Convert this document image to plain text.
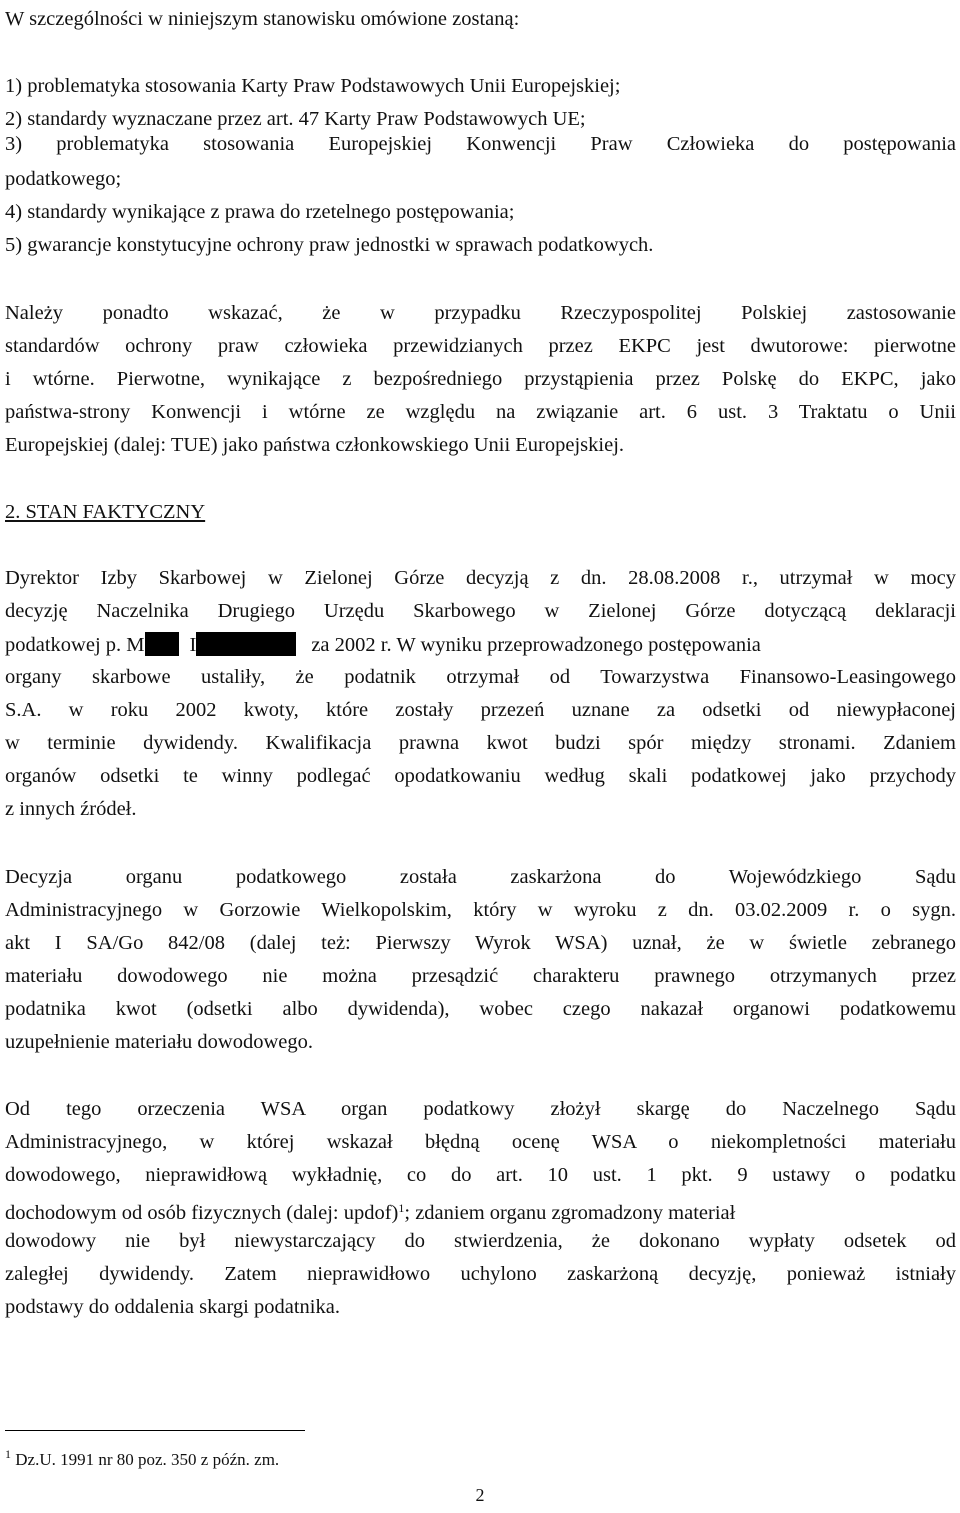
W szczególności w niniejszym stanowisku omówione zostaną:
1) problematyka stosowania Karty Praw Podstawowych Unii Europejskiej;
2) standardy wyznaczane przez art. 47 Karty Praw Podstawowych UE;
3) problematyka stosowania Europejskiej Konwencji Praw Człowieka do postępowania
podatkowego;
4) standardy wynikające z prawa do rzetelnego postępowania;
5) gwarancje konstytucyjne ochrony praw jednostki w sprawach podatkowych.
Należy ponadto wskazać, że w przypadku Rzeczypospolitej Polskiej zastosowanie
standardów ochrony praw człowieka przewidzianych przez EKPC jest dwutorowe: pierwotne
i wtórne. Pierwotne, wynikające z bezpośredniego przystąpienia przez Polskę do EKPC, jako
państwa-strony Konwencji i wtórne ze względu na związanie art. 6 ust. 3 Traktatu o Unii
Europejskiej (dalej: TUE) jako państwa członkowskiego Unii Europejskiej.
2. STAN FAKTYCZNY
Dyrektor Izby Skarbowej w Zielonej Górze decyzją z dn. 28.08.2008 r., utrzymał w mocy
decyzję Naczelnika Drugiego Urzędu Skarbowego w Zielonej Górze dotyczącą deklaracji
podatkowej p. M I	za 2002 r. W wyniku przeprowadzonego postępowania
organy skarbowe ustaliły, że podatnik otrzymał od Towarzystwa Finansowo-Leasingowego
S.A. w roku 2002 kwoty, które zostały przezeń uznane za odsetki od niewypłaconej
w terminie dywidendy. Kwalifikacja prawna kwot budzi spór między stronami. Zdaniem
organów odsetki te winny podlegać opodatkowaniu według skali podatkowej jako przychody
z innych źródeł.
Decyzja organu podatkowego została zaskarżona do Wojewódzkiego Sądu
Administracyjnego w Gorzowie Wielkopolskim, który w wyroku z dn. 03.02.2009 r. o sygn.
akt I SA/Go 842/08 (dalej też: Pierwszy Wyrok WSA) uznał, że w świetle zebranego
materiału dowodowego nie można przesądzić charakteru prawnego otrzymanych przez
podatnika kwot (odsetki albo dywidenda), wobec czego nakazał organowi podatkowemu
uzupełnienie materiału dowodowego.
Od tego orzeczenia WSA organ podatkowy złożył skargę do Naczelnego Sądu
Administracyjnego, w której wskazał błędną ocenę WSA o niekompletności materiału
dowodowego, nieprawidłową wykładnię, co do art. 10 ust. 1 pkt. 9 ustawy o podatku
dochodowym od osób fizycznych (dalej: updof)$^1$; zdaniem organu zgromadzony materiał
dowodowy nie był niewystarczający do stwierdzenia, że dokonano wypłaty odsetek od
zaległej dywidendy. Zatem nieprawidłowo uchylono zaskarżoną decyzję, ponieważ istniały
podstawy do oddalenia skargi podatnika.
$^1$ Dz.U. 1991 nr 80 poz. 350 z późn. zm.
2
